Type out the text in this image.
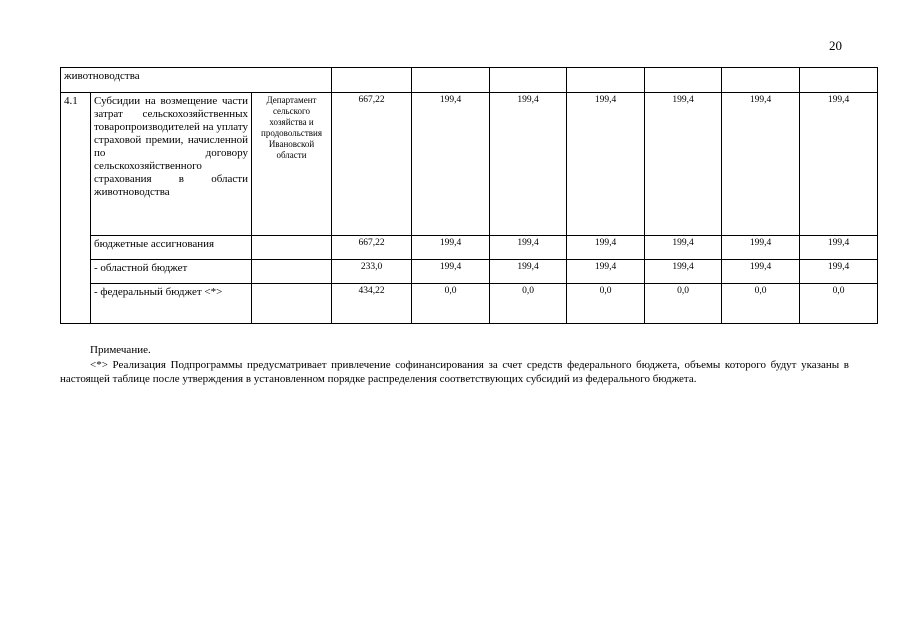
20
животноводства									
4.1	Субсидии на возмещение части затрат сельскохозяйственных товаропроизводителей на уплату страховой премии, начисленной по договору сельскохозяйственного страхования в области животноводства	Департамент сельского хозяйства и продовольствия Ивановской области	667,22	199,4	199,4	199,4	199,4	199,4	199,4
	бюджетные ассигнования		667,22	199,4	199,4	199,4	199,4	199,4	199,4
	- областной бюджет		233,0	199,4	199,4	199,4	199,4	199,4	199,4
	- федеральный бюджет <*>		434,22	0,0	0,0	0,0	0,0	0,0	0,0

Примечание.

<*> Реализация Подпрограммы предусматривает привлечение софинансирования за счет средств федерального бюджета, объемы которого будут указаны в настоящей таблице после утверждения в установленном порядке распределения соответствующих субсидий из федерального бюджета.
